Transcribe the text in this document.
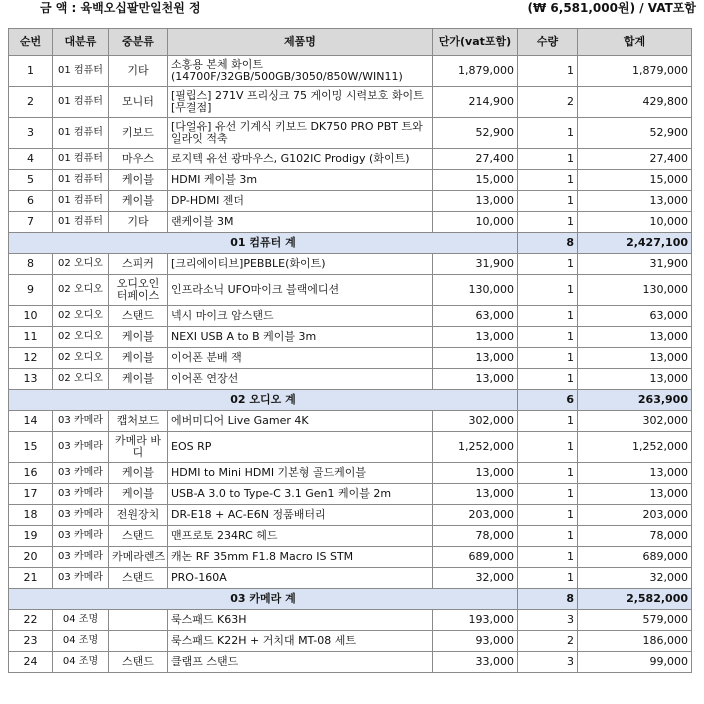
금 액 : 육백오십팔만일천원 정	(₩ 6,581,000원) / VAT포함
순번	대분류	중분류	제품명	단가(vat포함)	수량	합계
1	01 컴퓨터	기타	소홍용 본체 화이트 (14700F/32GB/500GB/3050/850W/WIN11)	1,879,000	1	1,879,000
2	01 컴퓨터	모니터	[필립스] 271V 프리싱크 75 게이밍 시력보호 화이트 [무결점]	214,900	2	429,800
3	01 컴퓨터	키보드	[다얼유] 유선 기계식 키보드 DK750 PRO PBT 트와일라잇 적축	52,900	1	52,900
4	01 컴퓨터	마우스	로지텍 유선 광마우스, G102IC Prodigy (화이트)	27,400	1	27,400
5	01 컴퓨터	케이블	HDMI 케이블 3m	15,000	1	15,000
6	01 컴퓨터	케이블	DP-HDMI 젠더	13,000	1	13,000
7	01 컴퓨터	기타	랜케이블 3M	10,000	1	10,000
01 컴퓨터 계					8	2,427,100
8	02 오디오	스피커	[크리에이티브]PEBBLE(화이트)	31,900	1	31,900
9	02 오디오	오디오인터페이스	인프라소닉 UFO마이크 블랙에디션	130,000	1	130,000
10	02 오디오	스탠드	넥시 마이크 암스탠드	63,000	1	63,000
11	02 오디오	케이블	NEXI USB A to B 케이블 3m	13,000	1	13,000
12	02 오디오	케이블	이어폰 분배 잭	13,000	1	13,000
13	02 오디오	케이블	이어폰 연장선	13,000	1	13,000
02 오디오 계					6	263,900
14	03 카메라	캡처보드	에버미디어 Live Gamer 4K	302,000	1	302,000
15	03 카메라	카메라 바디	EOS RP	1,252,000	1	1,252,000
16	03 카메라	케이블	HDMI to Mini HDMI 기본형 골드케이블	13,000	1	13,000
17	03 카메라	케이블	USB-A 3.0 to Type-C 3.1 Gen1 케이블 2m	13,000	1	13,000
18	03 카메라	전원장치	DR-E18 + AC-E6N 정품배터리	203,000	1	203,000
19	03 카메라	스탠드	맨프로토 234RC 헤드	78,000	1	78,000
20	03 카메라	카메라렌즈	캐논 RF 35mm F1.8 Macro IS STM	689,000	1	689,000
21	03 카메라	스탠드	PRO-160A	32,000	1	32,000
03 카메라 계					8	2,582,000
22	04 조명		룩스패드 K63H	193,000	3	579,000
23	04 조명		룩스패드 K22H + 거치대 MT-08 세트	93,000	2	186,000
24	04 조명	스탠드	클램프 스탠드	33,000	3	99,000
